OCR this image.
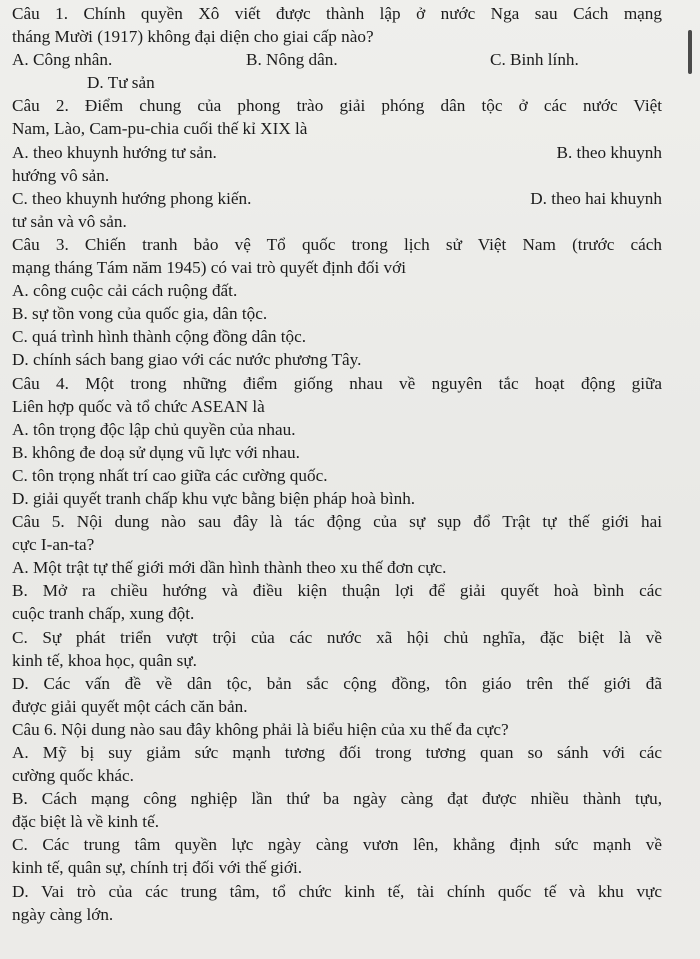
Câu 1. Chính quyền Xô viết được thành lập ở nước Nga sau Cách mạng
tháng Mười (1917) không đại diện cho giai cấp nào?
A. Công nhân.	B. Nông dân.	C. Binh lính.
D. Tư sản
Câu 2. Điểm chung của phong trào giải phóng dân tộc ở các nước Việt
Nam, Lào, Cam-pu-chia cuối thế kỉ XIX là
A. theo khuynh hướng tư sản.	B. theo khuynh
hướng vô sản.
C. theo khuynh hướng phong kiến.	D. theo hai khuynh
tư sản và vô sản.
Câu 3. Chiến tranh bảo vệ Tổ quốc trong lịch sử Việt Nam (trước cách
mạng tháng Tám năm 1945) có vai trò quyết định đối với
A. công cuộc cải cách ruộng đất.
B. sự tồn vong của quốc gia, dân tộc.
C. quá trình hình thành cộng đồng dân tộc.
D. chính sách bang giao với các nước phương Tây.
Câu 4. Một trong những điểm giống nhau về nguyên tắc hoạt động giữa
Liên hợp quốc và tổ chức ASEAN là
A. tôn trọng độc lập chủ quyền của nhau.
B. không đe doạ sử dụng vũ lực với nhau.
C. tôn trọng nhất trí cao giữa các cường quốc.
D. giải quyết tranh chấp khu vực bằng biện pháp hoà bình.
Câu 5. Nội dung nào sau đây là tác động của sự sụp đổ Trật tự thế giới hai
cực I-an-ta?
A. Một trật tự thế giới mới dần hình thành theo xu thế đơn cực.
B. Mở ra chiều hướng và điều kiện thuận lợi để giải quyết hoà bình các
cuộc tranh chấp, xung đột.
C. Sự phát triển vượt trội của các nước xã hội chủ nghĩa, đặc biệt là về
kinh tế, khoa học, quân sự.
D. Các vấn đề về dân tộc, bản sắc cộng đồng, tôn giáo trên thế giới đã
được giải quyết một cách căn bản.
Câu 6. Nội dung nào sau đây không phải là biểu hiện của xu thế đa cực?
A. Mỹ bị suy giảm sức mạnh tương đối trong tương quan so sánh với các
cường quốc khác.
B. Cách mạng công nghiệp lần thứ ba ngày càng đạt được nhiều thành tựu,
đặc biệt là về kinh tế.
C. Các trung tâm quyền lực ngày càng vươn lên, khẳng định sức mạnh về
kinh tế, quân sự, chính trị đối với thế giới.
D. Vai trò của các trung tâm, tổ chức kinh tế, tài chính quốc tế và khu vực
ngày càng lớn.
